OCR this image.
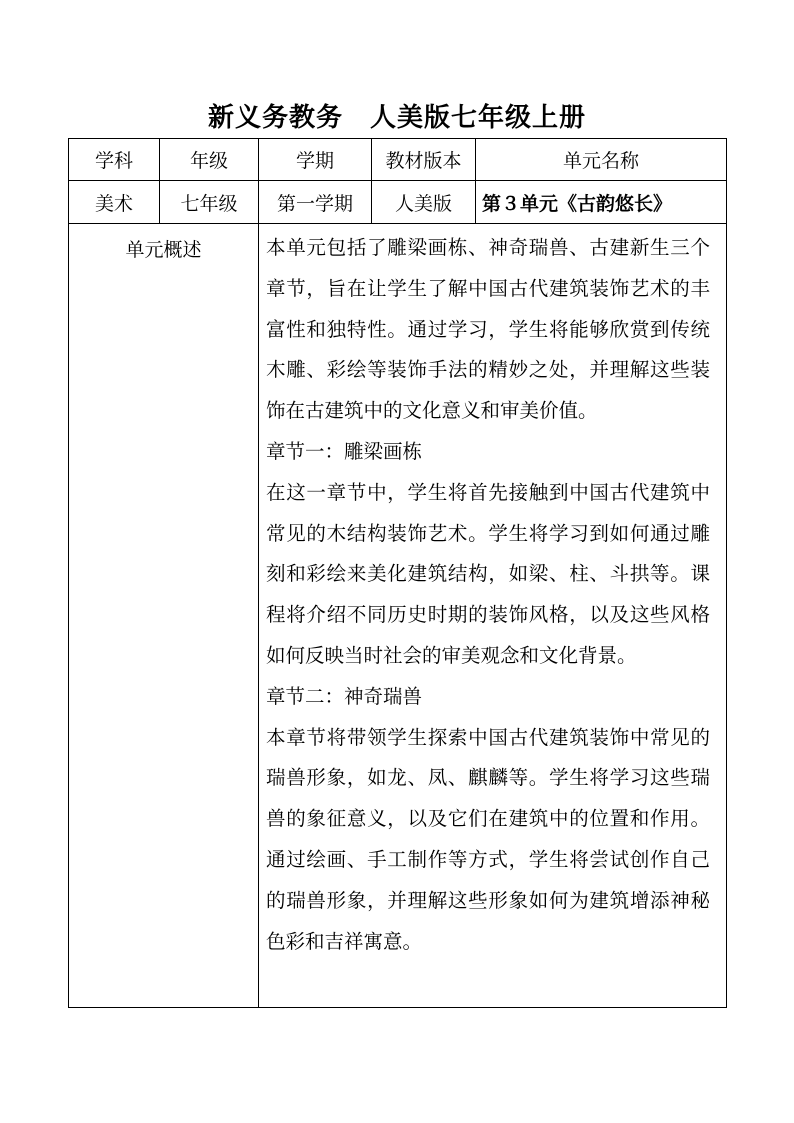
新义务教务　人美版七年级上册
学科	年级	学期	教材版本	单元名称
美术	七年级	第一学期	人美版	第３单元《古韵悠长》

单元概述		本单元包括了雕梁画栋、神奇瑞兽、古建新生三个章节，旨在让学生了解中国古代建筑装饰艺术的丰富性和独特性。通过学习，学生将能够欣赏到传统木雕、彩绘等装饰手法的精妙之处，并理解这些装饰在古建筑中的文化意义和审美价值。
章节一：雕梁画栋
在这一章节中，学生将首先接触到中国古代建筑中常见的木结构装饰艺术。学生将学习到如何通过雕刻和彩绘来美化建筑结构，如梁、柱、斗拱等。课程将介绍不同历史时期的装饰风格，以及这些风格如何反映当时社会的审美观念和文化背景。
章节二：神奇瑞兽
本章节将带领学生探索中国古代建筑装饰中常见的瑞兽形象，如龙、凤、麒麟等。学生将学习这些瑞兽的象征意义，以及它们在建筑中的位置和作用。通过绘画、手工制作等方式，学生将尝试创作自己的瑞兽形象，并理解这些形象如何为建筑增添神秘色彩和吉祥寓意。		
